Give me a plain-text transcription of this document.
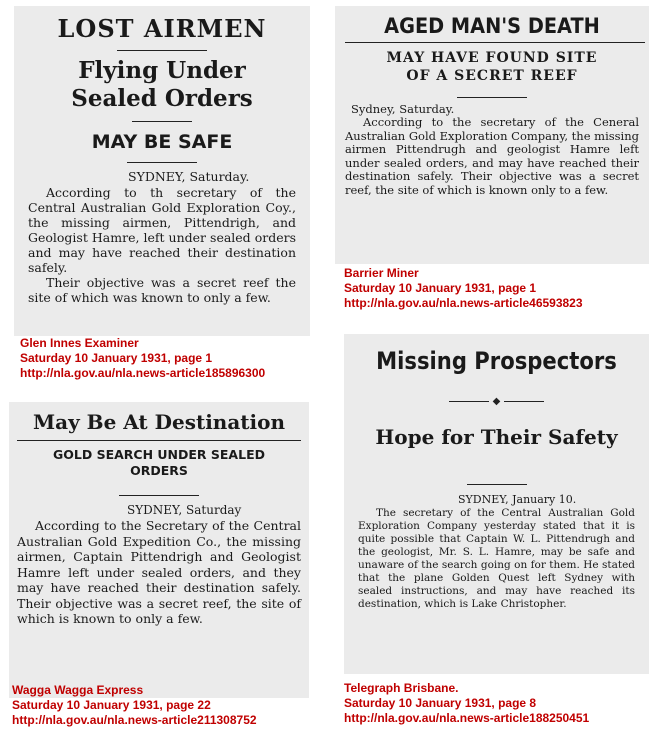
LOST AIRMEN
Flying Under Sealed Orders
MAY BE SAFE
SYDNEY, Saturday.

According to th secretary of the Central Australian Gold Exploration Coy., the missing airmen, Pittendrigh, and Geologist Hamre, left under sealed orders and may have reached their destination safely.

Their objective was a secret reef the site of which was known to only a few.

Glen Innes Examiner
Saturday 10 January 1931, page 1
http://nla.gov.au/nla.news-article185896300
AGED MAN'S DEATH
MAY HAVE FOUND SITE OF A SECRET REEF
Sydney, Saturday.

According to the secretary of the Ceneral Australian Gold Exploration Company, the missing airmen Pittendrugh and geologist Hamre left under sealed orders, and may have reached their destination safely. Their objective was a secret reef, the site of which is known only to a few.

Barrier Miner
Saturday 10 January 1931, page 1
http://nla.gov.au/nla.news-article46593823
May Be At Destination
GOLD SEARCH UNDER SEALED ORDERS
SYDNEY, Saturday

According to the Secretary of the Central Australian Gold Expedition Co., the missing airmen, Captain Pittendrigh and Geologist Hamre left under sealed orders, and they may have reached their destination safely. Their objective was a secret reef, the site of which is known to only a few.

Wagga Wagga Express
Saturday 10 January 1931, page 22
http://nla.gov.au/nla.news-article211308752
Missing Prospectors
◆
Hope for Their Safety
SYDNEY, January 10.

The secretary of the Central Australian Gold Exploration Company yesterday stated that it is quite possible that Captain W. L. Pittendrugh and the geologist, Mr. S. L. Hamre, may be safe and unaware of the search going on for them. He stated that the plane Golden Quest left Sydney with sealed instructions, and may have reached its destination, which is Lake Christopher.

Telegraph Brisbane.
Saturday 10 January 1931, page 8
http://nla.gov.au/nla.news-article188250451
